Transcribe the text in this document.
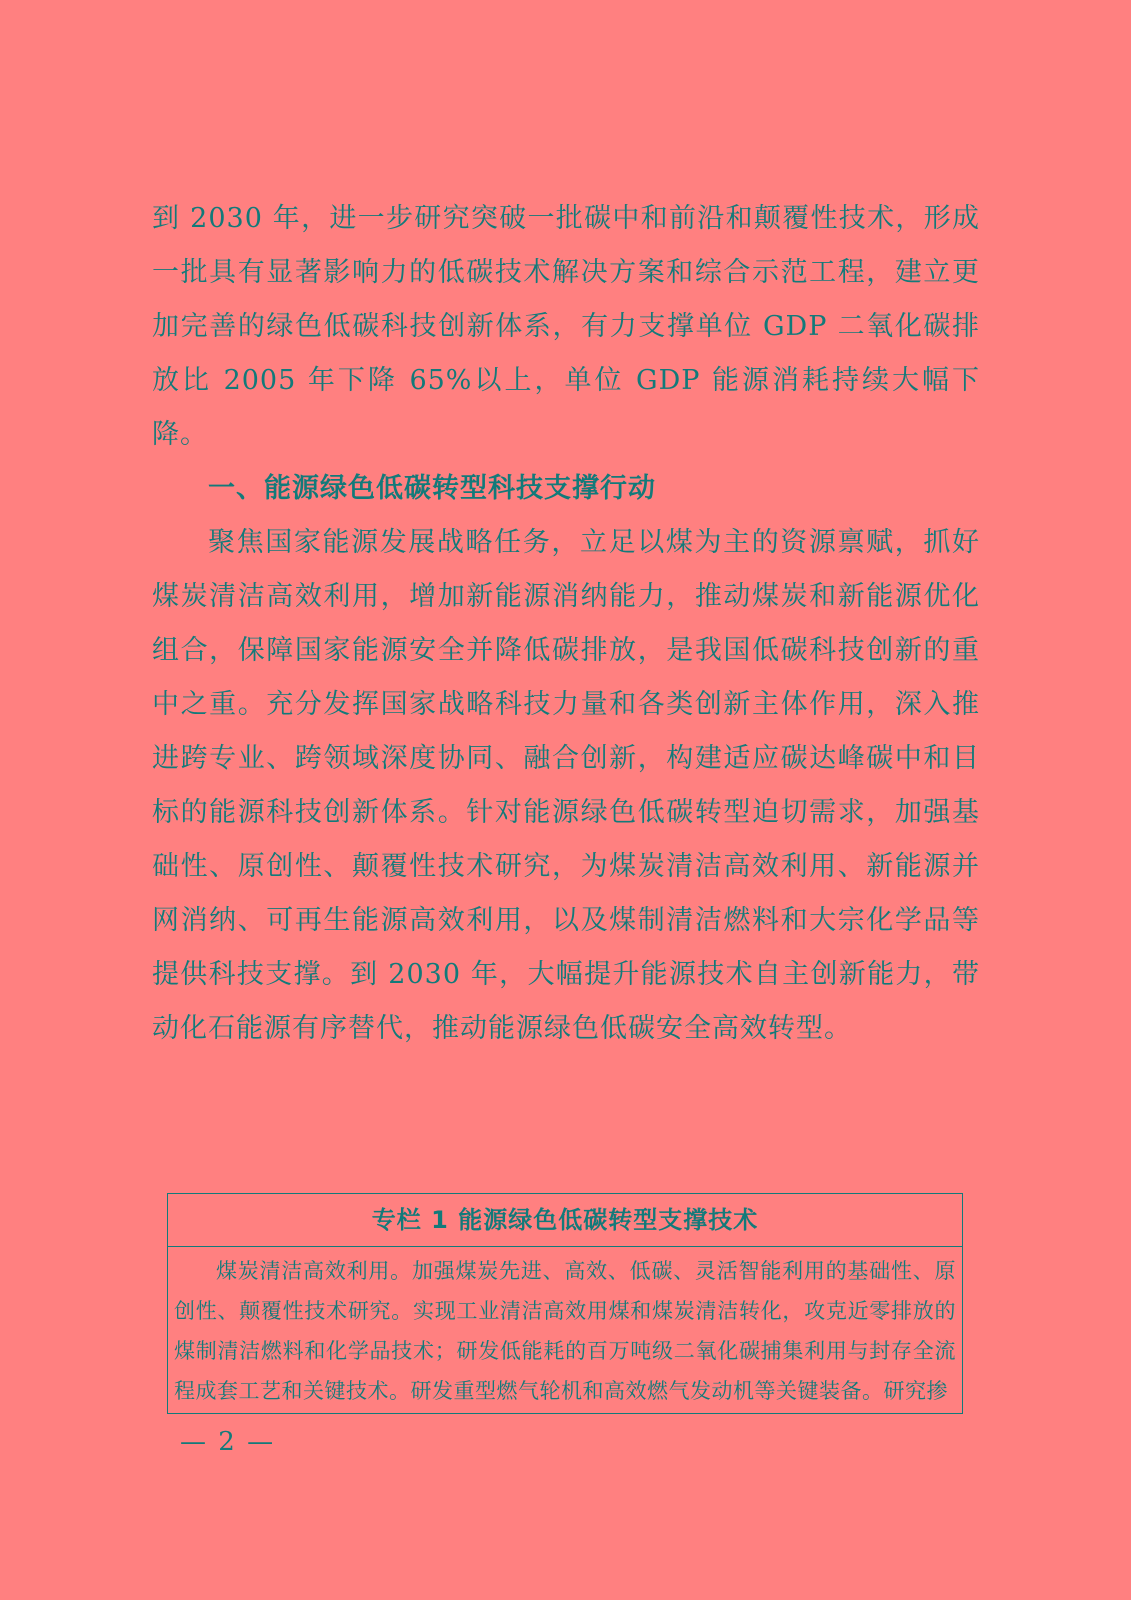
到 2030 年，进一步研究突破一批碳中和前沿和颠覆性技术，形成一批具有显著影响力的低碳技术解决方案和综合示范工程，建立更加完善的绿色低碳科技创新体系，有力支撑单位 GDP 二氧化碳排放比 2005 年下降 65%以上，单位 GDP 能源消耗持续大幅下降。

一、能源绿色低碳转型科技支撑行动

聚焦国家能源发展战略任务，立足以煤为主的资源禀赋，抓好煤炭清洁高效利用，增加新能源消纳能力，推动煤炭和新能源优化组合，保障国家能源安全并降低碳排放，是我国低碳科技创新的重中之重。充分发挥国家战略科技力量和各类创新主体作用，深入推进跨专业、跨领域深度协同、融合创新，构建适应碳达峰碳中和目标的能源科技创新体系。针对能源绿色低碳转型迫切需求，加强基础性、原创性、颠覆性技术研究，为煤炭清洁高效利用、新能源并网消纳、可再生能源高效利用，以及煤制清洁燃料和大宗化学品等提供科技支撑。到 2030 年，大幅提升能源技术自主创新能力，带动化石能源有序替代，推动能源绿色低碳安全高效转型。

专栏 1 能源绿色低碳转型支撑技术
煤炭清洁高效利用。加强煤炭先进、高效、低碳、灵活智能利用的基础性、原创性、颠覆性技术研究。实现工业清洁高效用煤和煤炭清洁转化，攻克近零排放的煤制清洁燃料和化学品技术；研发低能耗的百万吨级二氧化碳捕集利用与封存全流程成套工艺和关键技术。研发重型燃气轮机和高效燃气发动机等关键装备。研究掺
— 2 —
